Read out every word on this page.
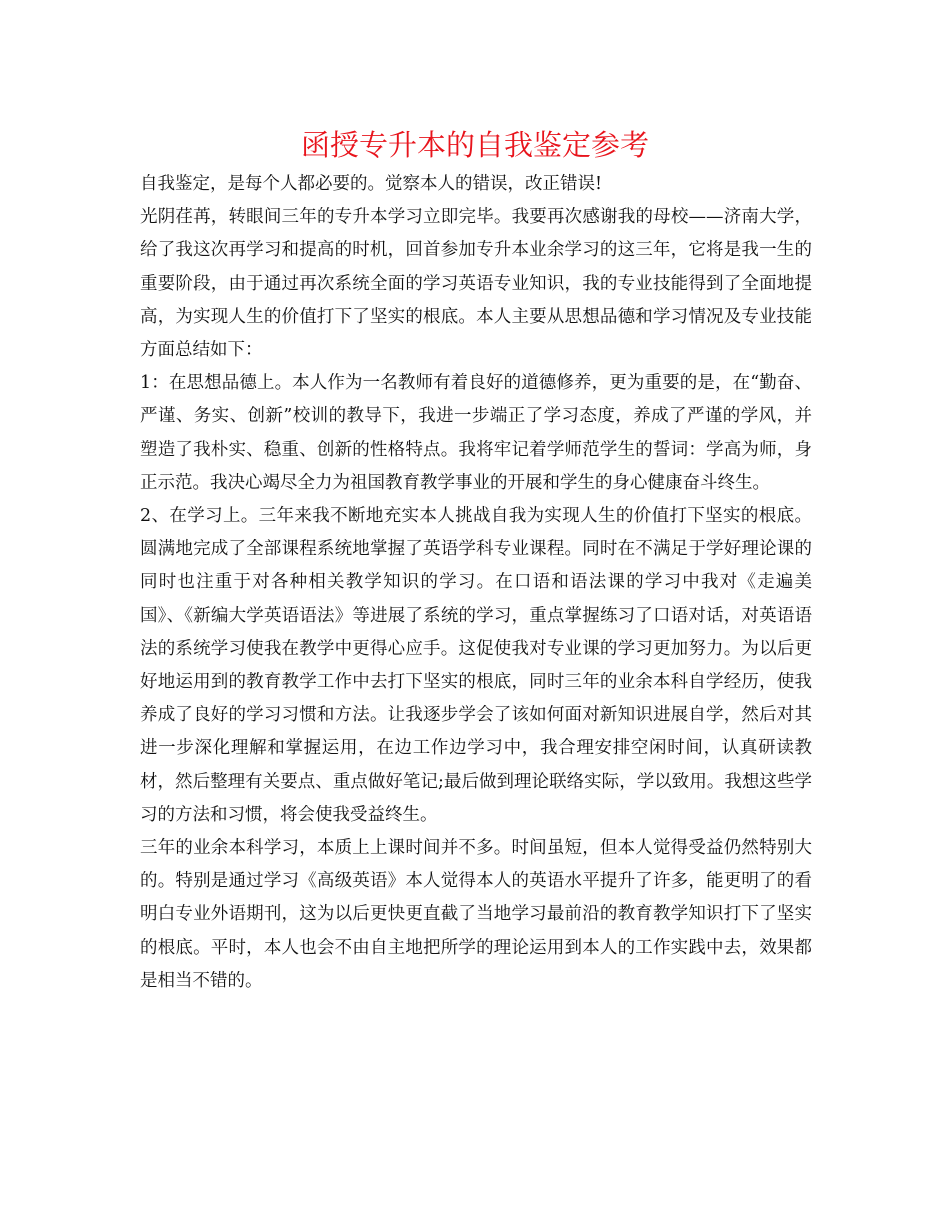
函授专升本的自我鉴定参考

自我鉴定，是每个人都必要的。觉察本人的错误，改正错误!

光阴荏苒，转眼间三年的专升本学习立即完毕。我要再次感谢我的母校——济南大学，给了我这次再学习和提高的时机，回首参加专升本业余学习的这三年，它将是我一生的重要阶段，由于通过再次系统全面的学习英语专业知识，我的专业技能得到了全面地提高，为实现人生的价值打下了坚实的根底。本人主要从思想品德和学习情况及专业技能方面总结如下：

1：在思想品德上。本人作为一名教师有着良好的道德修养，更为重要的是，在“勤奋、严谨、务实、创新”校训的教导下，我进一步端正了学习态度，养成了严谨的学风，并塑造了我朴实、稳重、创新的性格特点。我将牢记着学师范学生的誓词：学高为师，身正示范。我决心竭尽全力为祖国教育教学事业的开展和学生的身心健康奋斗终生。

2、在学习上。三年来我不断地充实本人挑战自我为实现人生的价值打下坚实的根底。圆满地完成了全部课程系统地掌握了英语学科专业课程。同时在不满足于学好理论课的同时也注重于对各种相关教学知识的学习。在口语和语法课的学习中我对《走遍美国》、《新编大学英语语法》等进展了系统的学习，重点掌握练习了口语对话，对英语语法的系统学习使我在教学中更得心应手。这促使我对专业课的学习更加努力。为以后更好地运用到的教育教学工作中去打下坚实的根底，同时三年的业余本科自学经历，使我养成了良好的学习习惯和方法。让我逐步学会了该如何面对新知识进展自学，然后对其进一步深化理解和掌握运用，在边工作边学习中，我合理安排空闲时间，认真研读教材，然后整理有关要点、重点做好笔记;最后做到理论联络实际，学以致用。我想这些学习的方法和习惯，将会使我受益终生。

三年的业余本科学习，本质上上课时间并不多。时间虽短，但本人觉得受益仍然特别大的。特别是通过学习《高级英语》本人觉得本人的英语水平提升了许多，能更明了的看明白专业外语期刊，这为以后更快更直截了当地学习最前沿的教育教学知识打下了坚实的根底。平时，本人也会不由自主地把所学的理论运用到本人的工作实践中去，效果都是相当不错的。
